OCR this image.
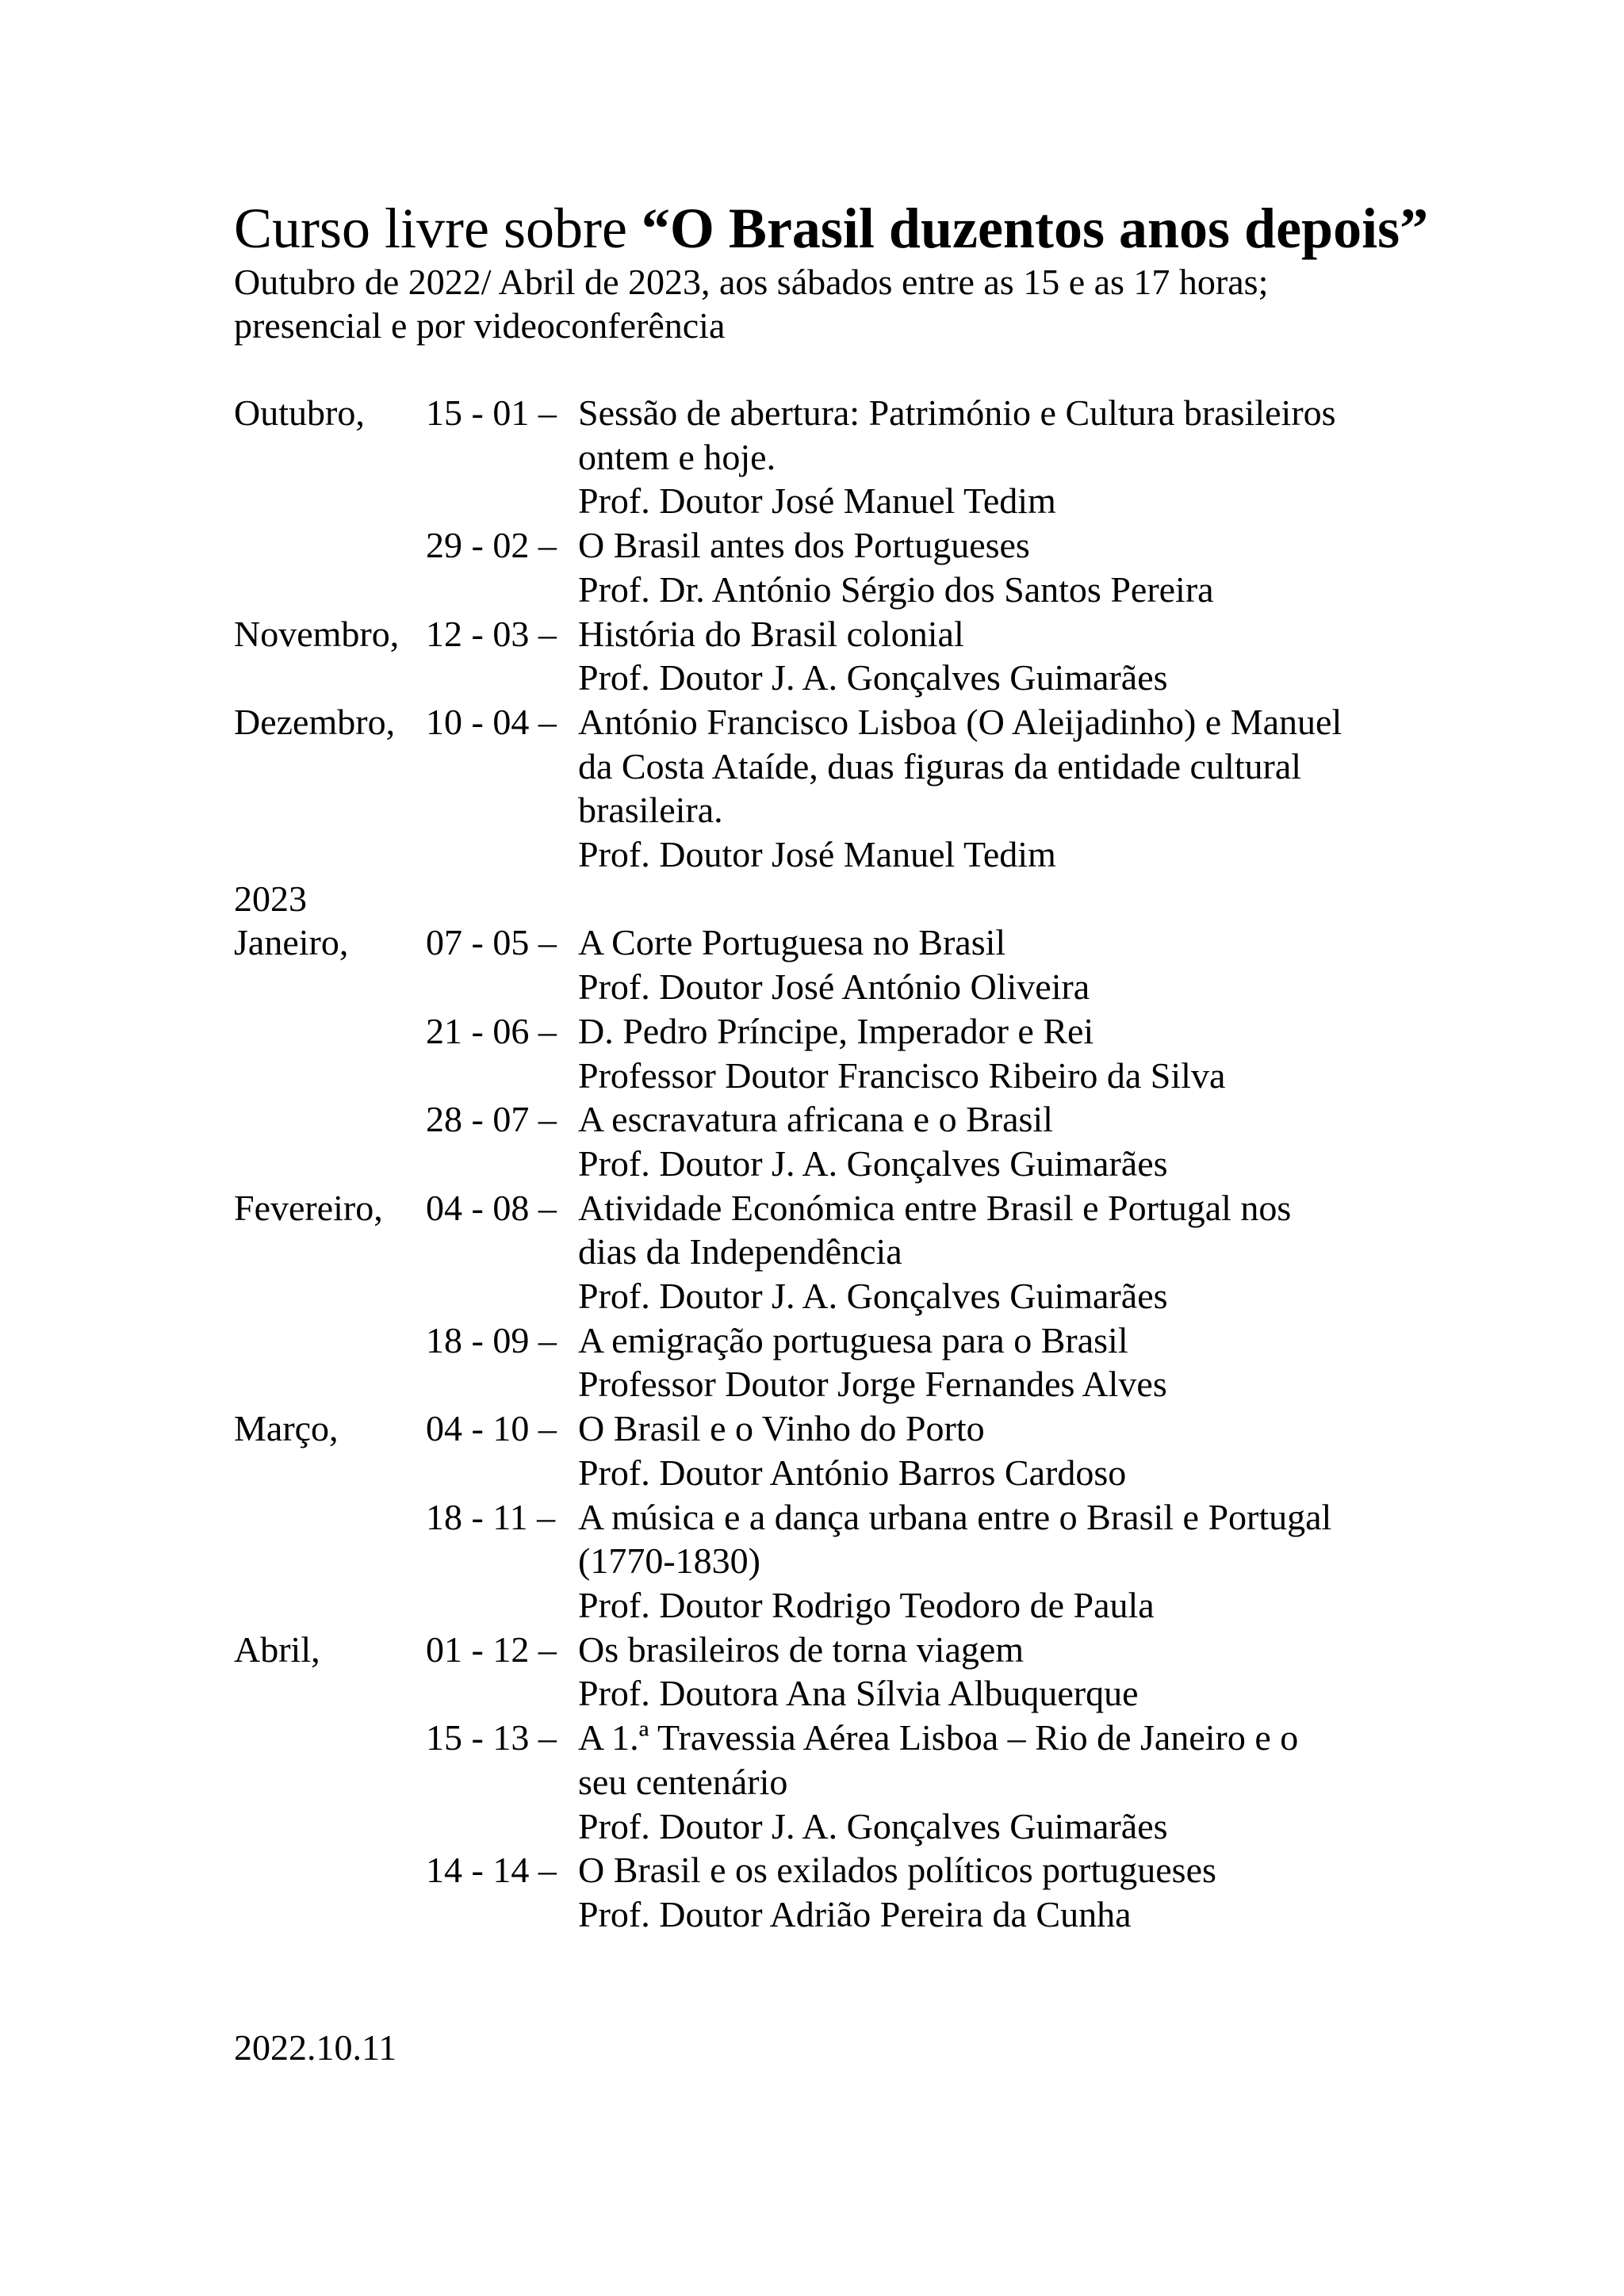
Curso livre sobre “O Brasil duzentos anos depois”
Outubro de 2022/ Abril de 2023, aos sábados entre as 15 e as 17 horas;
presencial e por videoconferência
Outubro,	15 - 01 – Sessão de abertura: Património e Cultura brasileiros
ontem e hoje.
Prof. Doutor José Manuel Tedim
29 - 02 – O Brasil antes dos Portugueses
Prof. Dr. António Sérgio dos Santos Pereira
Novembro, 12 - 03 – História do Brasil colonial
Prof. Doutor J. A. Gonçalves Guimarães
Dezembro, 10 - 04 – António Francisco Lisboa (O Aleijadinho) e Manuel
da Costa Ataíde, duas figuras da entidade cultural
brasileira.
Prof. Doutor José Manuel Tedim
2023
Janeiro,	07 - 05 – A Corte Portuguesa no Brasil
Prof. Doutor José António Oliveira
21 - 06 – D. Pedro Príncipe, Imperador e Rei
Professor Doutor Francisco Ribeiro da Silva
28 - 07 – A escravatura africana e o Brasil
Prof. Doutor J. A. Gonçalves Guimarães
Fevereiro,	04 - 08 – Atividade Económica entre Brasil e Portugal nos
dias da Independência
Prof. Doutor J. A. Gonçalves Guimarães
18 - 09 – A emigração portuguesa para o Brasil
Professor Doutor Jorge Fernandes Alves
Março,	04 - 10 – O Brasil e o Vinho do Porto
Prof. Doutor António Barros Cardoso
18 - 11 – A música e a dança urbana entre o Brasil e Portugal
(1770-1830)
Prof. Doutor Rodrigo Teodoro de Paula
Abril,	01 - 12 – Os brasileiros de torna viagem
Prof. Doutora Ana Sílvia Albuquerque
15 - 13 – A 1.ª Travessia Aérea Lisboa – Rio de Janeiro e o
seu centenário
Prof. Doutor J. A. Gonçalves Guimarães
14 - 14 – O Brasil e os exilados políticos portugueses
Prof. Doutor Adrião Pereira da Cunha
2022.10.11
